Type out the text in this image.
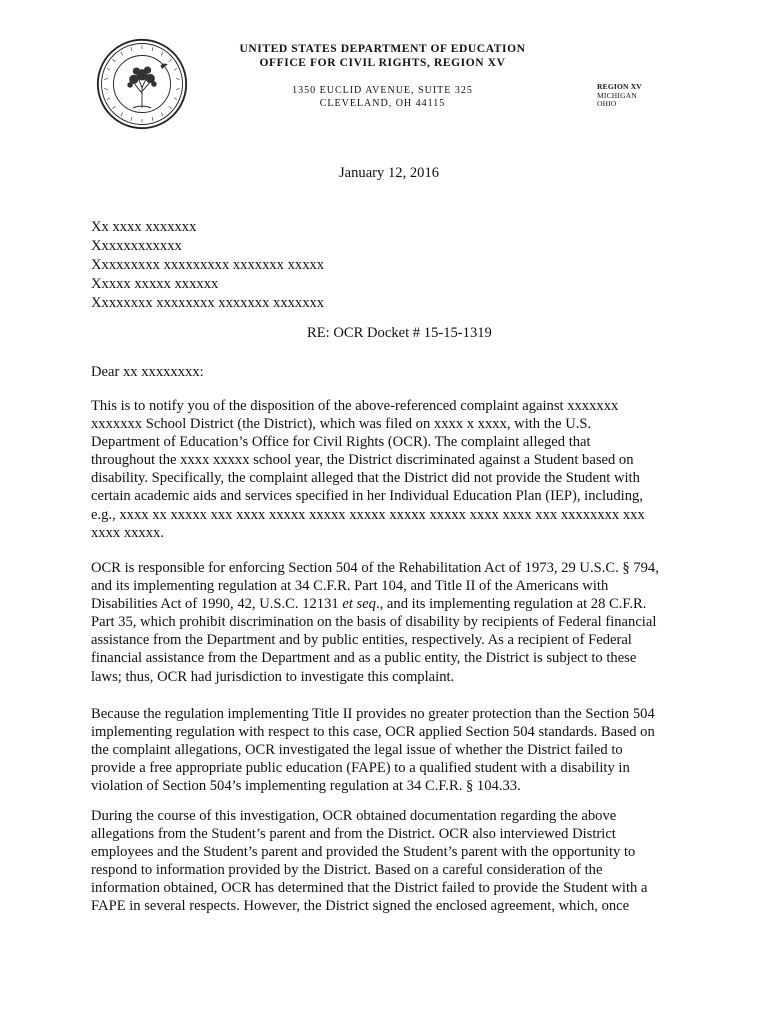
UNITED STATES DEPARTMENT OF EDUCATION
OFFICE FOR CIVIL RIGHTS, REGION XV
1350 EUCLID AVENUE, SUITE 325
CLEVELAND, OH 44115
REGION XV
MICHIGAN
OHIO
January 12, 2016
Xx xxxx xxxxxxx
Xxxxxxxxxxxx
Xxxxxxxxx xxxxxxxxx xxxxxxx xxxxx
Xxxxx xxxxx xxxxxx
Xxxxxxxx xxxxxxxx xxxxxxx xxxxxxx
RE: OCR Docket # 15-15-1319
Dear xx xxxxxxxx:
This is to notify you of the disposition of the above-referenced complaint against xxxxxxx
xxxxxxx School District (the District), which was filed on xxxx x xxxx, with the U.S.
Department of Education’s Office for Civil Rights (OCR). The complaint alleged that
throughout the xxxx xxxxx school year, the District discriminated against a Student based on
disability. Specifically, the complaint alleged that the District did not provide the Student with
certain academic aids and services specified in her Individual Education Plan (IEP), including,
e.g., xxxx xx xxxxx xxx xxxx xxxxx xxxxx xxxxx xxxxx xxxxx xxxx xxxx xxx xxxxxxxx xxx
xxxx xxxxx.
OCR is responsible for enforcing Section 504 of the Rehabilitation Act of 1973, 29 U.S.C. § 794,
and its implementing regulation at 34 C.F.R. Part 104, and Title II of the Americans with
Disabilities Act of 1990, 42, U.S.C. 12131 et seq., and its implementing regulation at 28 C.F.R.
Part 35, which prohibit discrimination on the basis of disability by recipients of Federal financial
assistance from the Department and by public entities, respectively. As a recipient of Federal
financial assistance from the Department and as a public entity, the District is subject to these
laws; thus, OCR had jurisdiction to investigate this complaint.
Because the regulation implementing Title II provides no greater protection than the Section 504
implementing regulation with respect to this case, OCR applied Section 504 standards. Based on
the complaint allegations, OCR investigated the legal issue of whether the District failed to
provide a free appropriate public education (FAPE) to a qualified student with a disability in
violation of Section 504’s implementing regulation at 34 C.F.R. § 104.33.
During the course of this investigation, OCR obtained documentation regarding the above
allegations from the Student’s parent and from the District. OCR also interviewed District
employees and the Student’s parent and provided the Student’s parent with the opportunity to
respond to information provided by the District. Based on a careful consideration of the
information obtained, OCR has determined that the District failed to provide the Student with a
FAPE in several respects. However, the District signed the enclosed agreement, which, once
